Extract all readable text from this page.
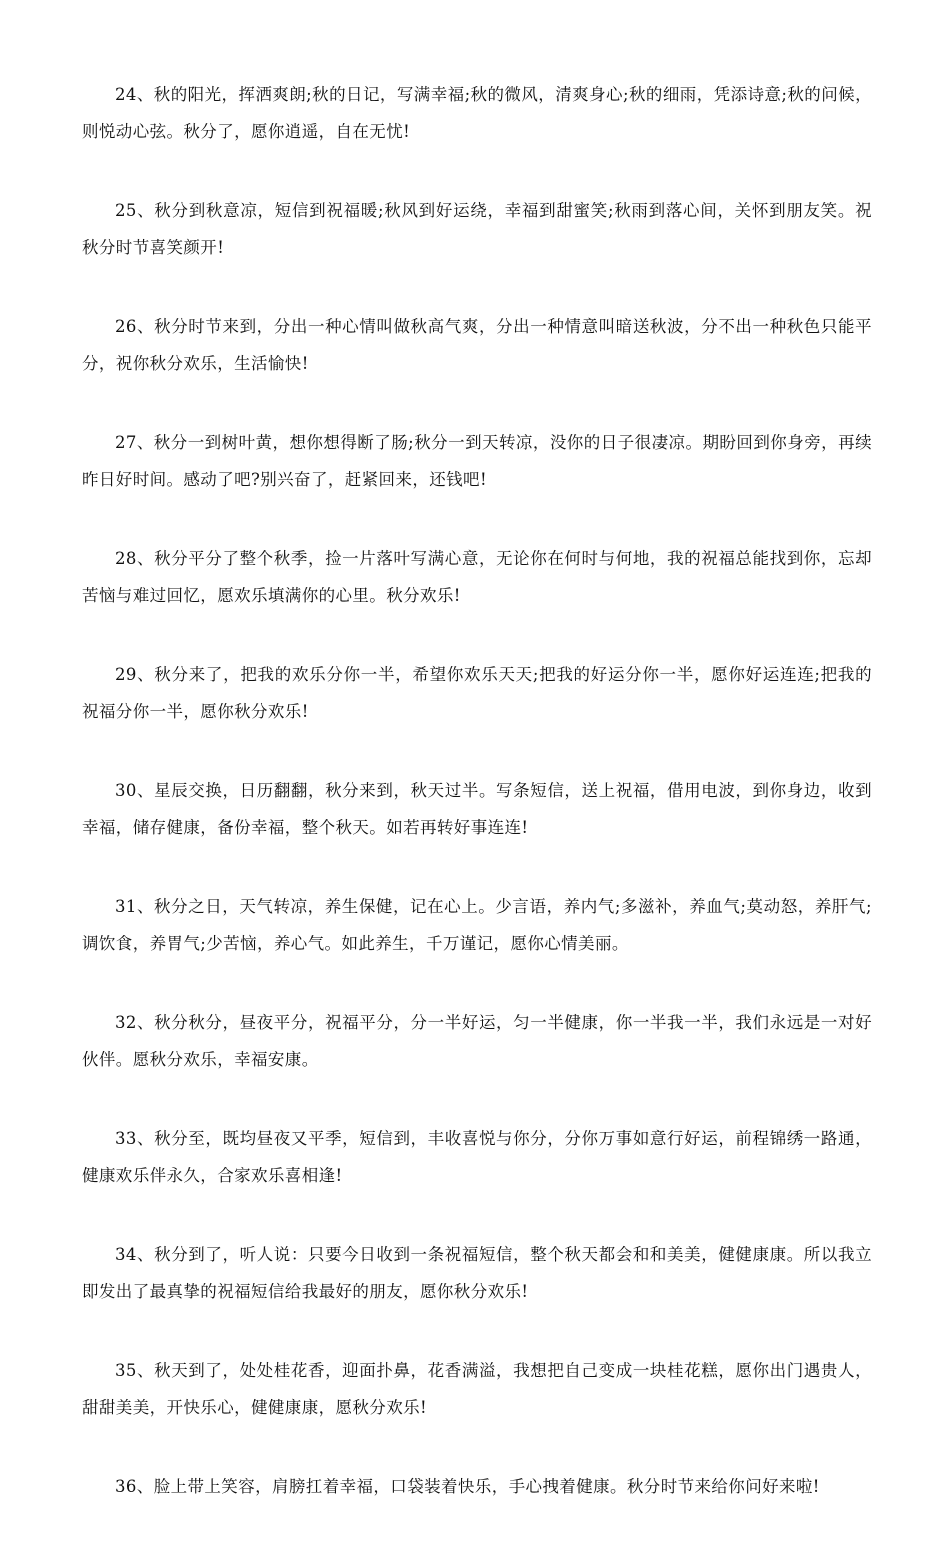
24、秋的阳光，挥洒爽朗;秋的日记，写满幸福;秋的微风，清爽身心;秋的细雨，凭添诗意;秋的问候，则悦动心弦。秋分了，愿你逍遥，自在无忧!

25、秋分到秋意凉，短信到祝福暖;秋风到好运绕，幸福到甜蜜笑;秋雨到落心间，关怀到朋友笑。祝秋分时节喜笑颜开!

26、秋分时节来到，分出一种心情叫做秋高气爽，分出一种情意叫暗送秋波，分不出一种秋色只能平分，祝你秋分欢乐，生活愉快!

27、秋分一到树叶黄，想你想得断了肠;秋分一到天转凉，没你的日子很凄凉。期盼回到你身旁，再续昨日好时间。感动了吧?别兴奋了，赶紧回来，还钱吧!

28、秋分平分了整个秋季，捡一片落叶写满心意，无论你在何时与何地，我的祝福总能找到你，忘却苦恼与难过回忆，愿欢乐填满你的心里。秋分欢乐!

29、秋分来了，把我的欢乐分你一半，希望你欢乐天天;把我的好运分你一半，愿你好运连连;把我的祝福分你一半，愿你秋分欢乐!

30、星辰交换，日历翻翻，秋分来到，秋天过半。写条短信，送上祝福，借用电波，到你身边，收到幸福，储存健康，备份幸福，整个秋天。如若再转好事连连!

31、秋分之日，天气转凉，养生保健，记在心上。少言语，养内气;多滋补，养血气;莫动怒，养肝气;调饮食，养胃气;少苦恼，养心气。如此养生，千万谨记，愿你心情美丽。

32、秋分秋分，昼夜平分，祝福平分，分一半好运，匀一半健康，你一半我一半，我们永远是一对好伙伴。愿秋分欢乐，幸福安康。

33、秋分至，既均昼夜又平季，短信到，丰收喜悦与你分，分你万事如意行好运，前程锦绣一路通，健康欢乐伴永久，合家欢乐喜相逢!

34、秋分到了，听人说：只要今日收到一条祝福短信，整个秋天都会和和美美，健健康康。所以我立即发出了最真挚的祝福短信给我最好的朋友，愿你秋分欢乐!

35、秋天到了，处处桂花香，迎面扑鼻，花香满溢，我想把自己变成一块桂花糕，愿你出门遇贵人，甜甜美美，开快乐心，健健康康，愿秋分欢乐!

36、脸上带上笑容，肩膀扛着幸福，口袋装着快乐，手心拽着健康。秋分时节来给你问好来啦!
